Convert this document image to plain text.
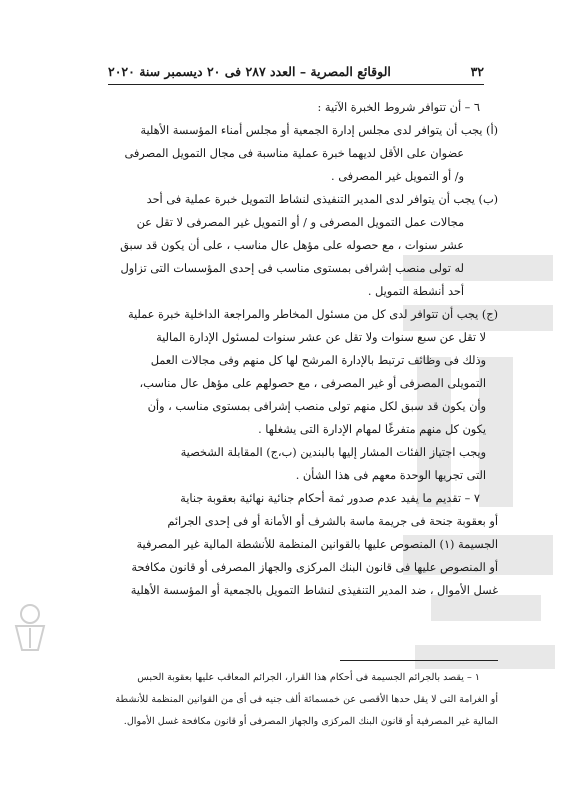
٣٢
الوقائع المصرية – العدد ٢٨٧ فى ٢٠ ديسمبر سنة ٢٠٢٠
٦ – أن تتوافر شروط الخبرة الآتية :
(أ) يجب أن يتوافر لدى مجلس إدارة الجمعية أو مجلس أمناء المؤسسة الأهلية
عضوان على الأقل لديهما خبرة عملية مناسبة فى مجال التمويل المصرفى
و/ أو التمويل غير المصرفى .
(ب) يجب أن يتوافر لدى المدير التنفيذى لنشاط التمويل خبرة عملية فى أحد
مجالات عمل التمويل المصرفى و / أو التمويل غير المصرفى لا تقل عن
عشر سنوات ، مع حصوله على مؤهل عال مناسب ، على أن يكون قد سبق
له تولى منصب إشرافى بمستوى مناسب فى إحدى المؤسسات التى تزاول
أحد أنشطة التمويل .
(ج) يجب أن تتوافر لدى كل من مسئول المخاطر والمراجعة الداخلية خبرة عملية
لا تقل عن سبع سنوات ولا تقل عن عشر سنوات لمسئول الإدارة المالية
وذلك فى وظائف ترتبط بالإدارة المرشح لها كل منهم وفى مجالات العمل
التمويلى المصرفى أو غير المصرفى ، مع حصولهم على مؤهل عال مناسب،
وأن يكون قد سبق لكل منهم تولى منصب إشرافى بمستوى مناسب ، وأن
يكون كل منهم متفرغًا لمهام الإدارة التى يشغلها .
ويجب اجتياز الفئات المشار إليها بالبندين (ب،ج) المقابلة الشخصية
التى تجريها الوحدة معهم فى هذا الشأن .
٧ – تقديم ما يفيد عدم صدور ثمة أحكام جنائية نهائية بعقوبة جناية
أو بعقوبة جنحة فى جريمة ماسة بالشرف أو الأمانة أو فى إحدى الجرائم
الجسيمة (١) المنصوص عليها بالقوانين المنظمة للأنشطة المالية غير المصرفية
أو المنصوص عليها فى قانون البنك المركزى والجهاز المصرفى أو قانون مكافحة
غسل الأموال ، ضد المدير التنفيذى لنشاط التمويل بالجمعية أو المؤسسة الأهلية
١ – يقصد بالجرائم الجسيمة فى أحكام هذا القرار، الجرائم المعاقب عليها بعقوبة الحبس
أو الغرامة التى لا يقل حدها الأقصى عن خمسمائة ألف جنيه فى أى من القوانين المنظمة للأنشطة
المالية غير المصرفية أو قانون البنك المركزى والجهاز المصرفى أو قانون مكافحة غسل الأموال.
